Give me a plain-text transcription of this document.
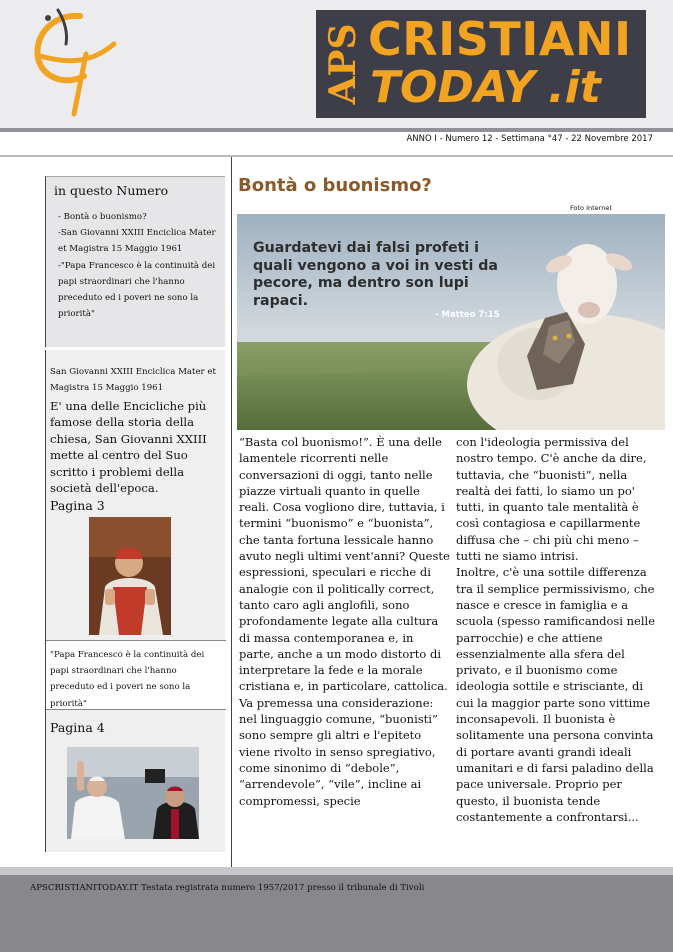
APS CRISTIANI
TODAY .it
ANNO I - Numero 12 - Settimana °47 - 22 Novembre 2017
in questo Numero
- Bontà o buonismo?
-San Giovanni XXIII Enciclica Mater et Magistra 15 Maggio 1961
-"Papa Francesco è la continuità dei papi straordinari che l'hanno preceduto ed i poveri ne sono la priorità"
San Giovanni XXIII Enciclica Mater et Magistra 15 Maggio 1961
E' una delle Encicliche più famose della storia della chiesa, San Giovanni XXIII mette al centro del Suo scritto i problemi della società dell'epoca.
Pagina 3
"Papa Francesco è la continuità dei papi straordinari che l'hanno preceduto ed i poveri ne sono la priorità"
Pagina 4
Bontà o buonismo?
Foto Internet
Guardatevi dai falsi profeti i quali vengono a voi in vesti da pecore, ma dentro son lupi rapaci.
- Matteo 7:15

“Basta col buonismo!”. È una delle lamentele ricorrenti nelle conversazioni di oggi, tanto nelle piazze virtuali quanto in quelle reali. Cosa vogliono dire, tuttavia, i termini “buonismo” e “buonista”, che tanta fortuna lessicale hanno avuto negli ultimi vent'anni? Queste espressioni, speculari e ricche di analogie con il politically correct, tanto caro agli anglofili, sono profondamente legate alla cultura di massa contemporanea e, in parte, anche a un modo distorto di interpretare la fede e la morale cristiana e, in particolare, cattolica.

Va premessa una considerazione: nel linguaggio comune, “buonisti” sono sempre gli altri e l'epiteto viene rivolto in senso spregiativo, come sinonimo di “debole”, “arrendevole”, “vile”, incline ai compromessi, specie

con l'ideologia permissiva del nostro tempo. C'è anche da dire, tuttavia, che “buonisti”, nella realtà dei fatti, lo siamo un po' tutti, in quanto tale mentalità è così contagiosa e capillarmente diffusa che – chi più chi meno – tutti ne siamo intrisi.

Inoltre, c'è una sottile differenza tra il semplice permissivismo, che nasce e cresce in famiglia e a scuola (spesso ramificandosi nelle parrocchie) e che attiene essenzialmente alla sfera del privato, e il buonismo come ideologia sottile e strisciante, di cui la maggior parte sono vittime inconsapevoli. Il buonista è solitamente una persona convinta di portare avanti grandi ideali umanitari e di farsi paladino della pace universale. Proprio per questo, il buonista tende costantemente a confrontarsi...

APSCRISTIANITODAY.IT Testata registrata numero 1957/2017 presso il tribunale di Tivoli
